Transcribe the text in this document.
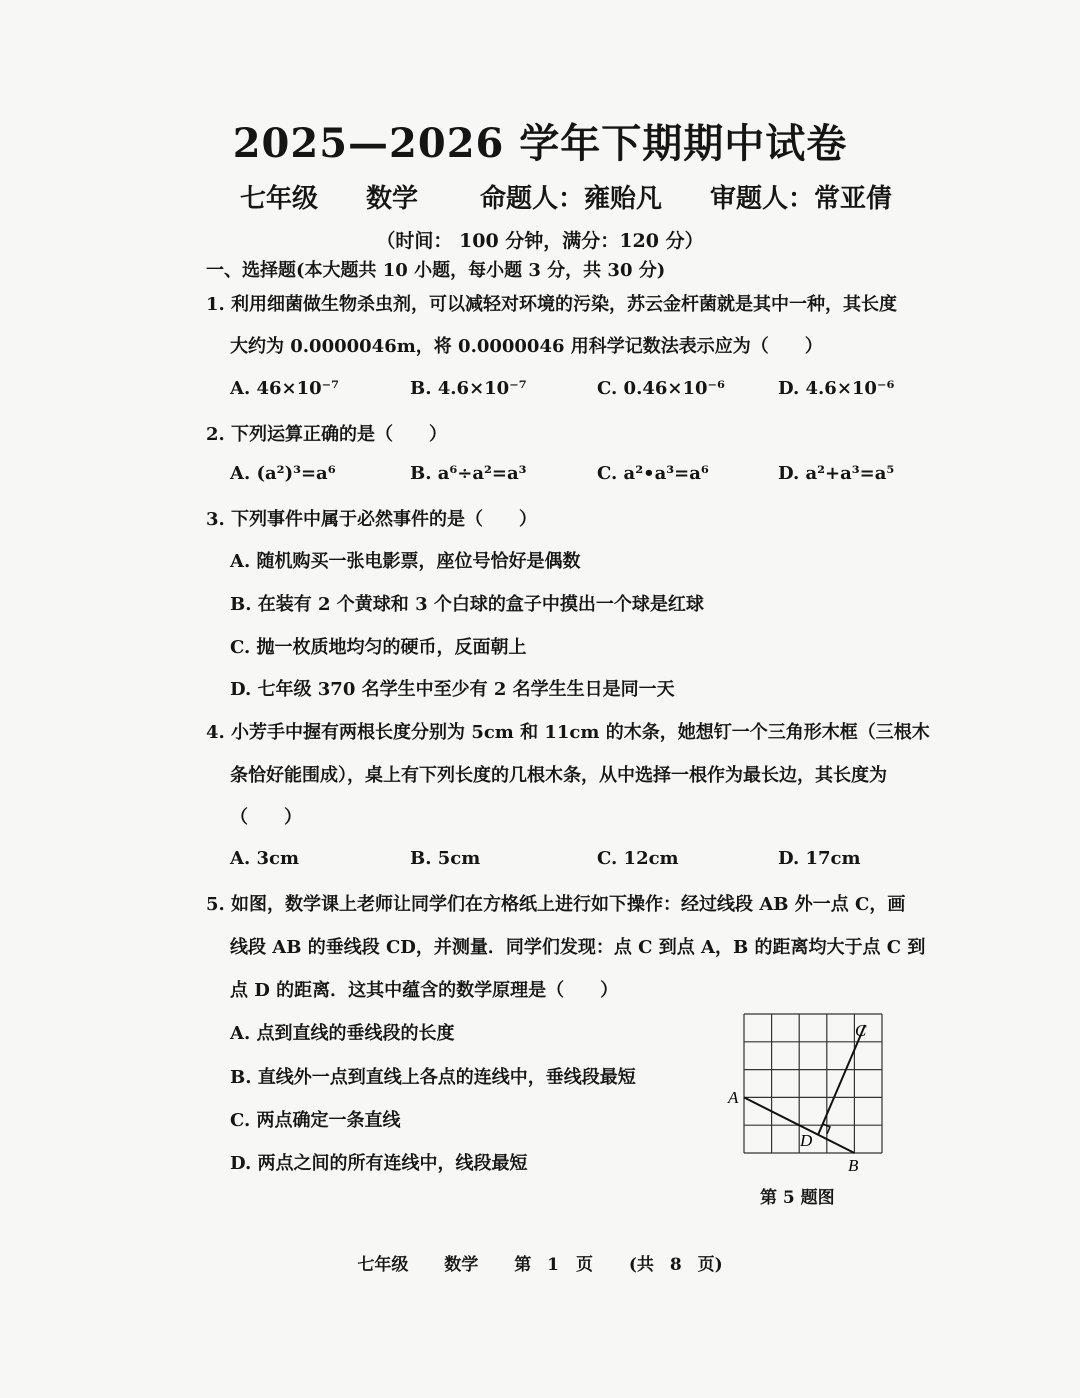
2025—2026 学年下期期中试卷
七年级 数学 命题人：雍贻凡 审题人：常亚倩
（时间： 100 分钟，满分：120 分）
一、选择题(本大题共 10 小题，每小题 3 分，共 30 分)
1. 利用细菌做生物杀虫剂，可以减轻对环境的污染，苏云金杆菌就是其中一种，其长度
大约为 0.0000046m，将 0.0000046 用科学记数法表示应为（　　）
A. 46×10⁻⁷	B. 4.6×10⁻⁷	C. 0.46×10⁻⁶	D. 4.6×10⁻⁶
2. 下列运算正确的是（　　）
A. (a²)³=a⁶	B. a⁶÷a²=a³	C. a²•a³=a⁶	D. a²+a³=a⁵
3. 下列事件中属于必然事件的是（　　）
A. 随机购买一张电影票，座位号恰好是偶数
B. 在装有 2 个黄球和 3 个白球的盒子中摸出一个球是红球
C. 抛一枚质地均匀的硬币，反面朝上
D. 七年级 370 名学生中至少有 2 名学生生日是同一天
4. 小芳手中握有两根长度分别为 5cm 和 11cm 的木条，她想钉一个三角形木框（三根木
条恰好能围成），桌上有下列长度的几根木条，从中选择一根作为最长边，其长度为
（　　）
A. 3cm	B. 5cm	C. 12cm	D. 17cm
5. 如图，数学课上老师让同学们在方格纸上进行如下操作：经过线段 AB 外一点 C，画
线段 AB 的垂线段 CD，并测量．同学们发现：点 C 到点 A，B 的距离均大于点 C 到
点 D 的距离．这其中蕴含的数学原理是（　　）
A. 点到直线的垂线段的长度
B. 直线外一点到直线上各点的连线中，垂线段最短
C. 两点确定一条直线
D. 两点之间的所有连线中，线段最短
A
B
C
D
第 5 题图
七年级 数学 第 1　页 (共 8 页)
